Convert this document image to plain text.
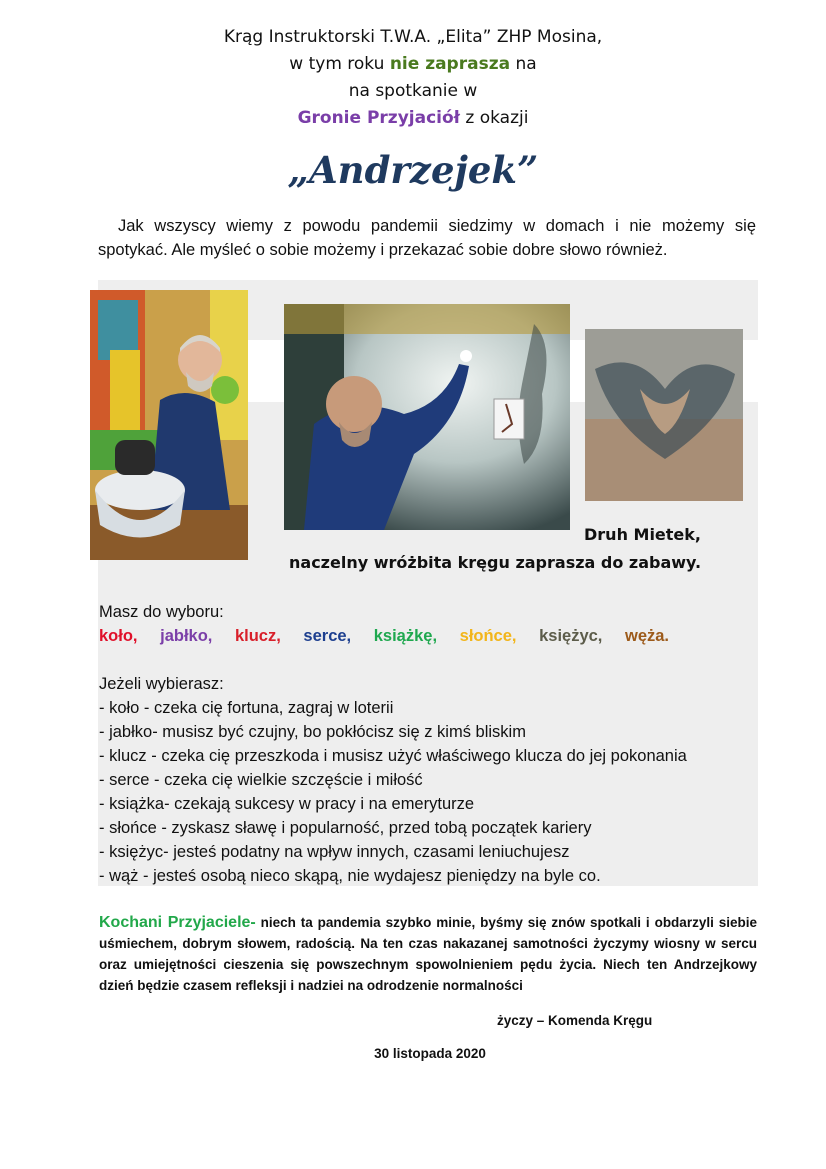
Krąg Instruktorski T.W.A. „Elita” ZHP Mosina,
w tym roku nie zaprasza na
na spotkanie w
Gronie Przyjaciół z okazji
„Andrzejek”
Jak wszyscy wiemy z powodu pandemii siedzimy w domach i nie możemy się spotykać. Ale myśleć o sobie możemy i przekazać sobie dobre słowo również.
Druh Mietek,
naczelny wróżbita kręgu zaprasza do zabawy.
Masz do wyboru:
koło, jabłko, klucz, serce, książkę, słońce, księżyc, węża.
Jeżeli wybierasz:
- koło - czeka cię fortuna, zagraj w loterii
- jabłko- musisz być czujny, bo pokłócisz się z kimś bliskim
- klucz - czeka cię przeszkoda i musisz użyć właściwego klucza do jej pokonania
- serce - czeka cię wielkie szczęście i miłość
- książka- czekają sukcesy w pracy i na emeryturze
- słońce - zyskasz sławę i popularność, przed tobą początek kariery
- księżyc- jesteś podatny na wpływ innych, czasami leniuchujesz
- wąż - jesteś osobą nieco skąpą, nie wydajesz pieniędzy na byle co.
Kochani Przyjaciele- niech ta pandemia szybko minie, byśmy się znów spotkali i obdarzyli siebie uśmiechem, dobrym słowem, radością. Na ten czas nakazanej samotności życzymy wiosny w sercu oraz umiejętności cieszenia się powszechnym spowolnieniem pędu życia. Niech ten Andrzejkowy dzień będzie czasem refleksji i nadziei na odrodzenie normalności
życzy – Komenda Kręgu
30 listopada 2020
